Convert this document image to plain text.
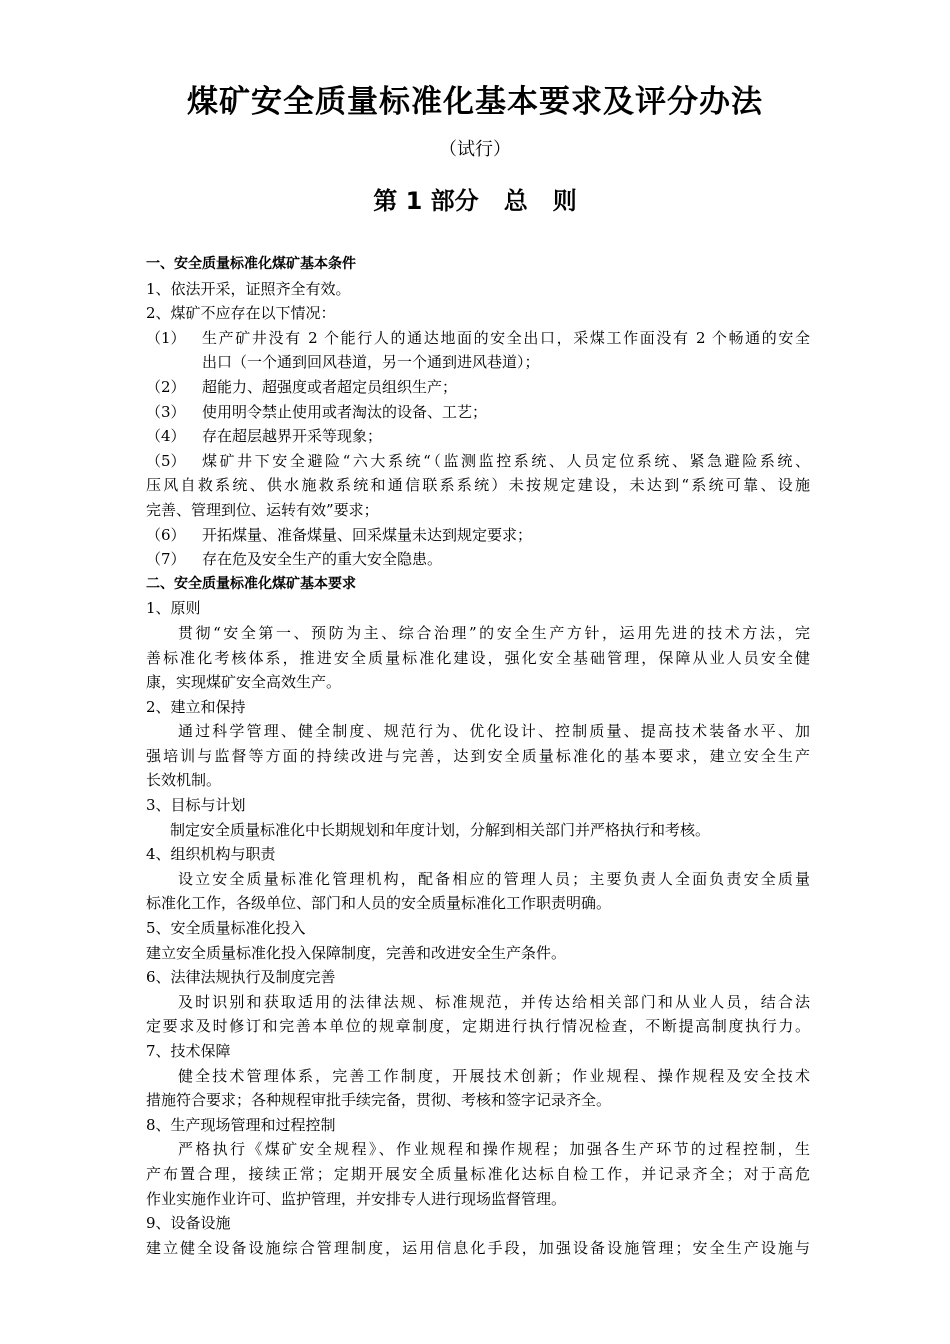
煤矿安全质量标准化基本要求及评分办法
（试行）
第 1 部分   总   则
一、安全质量标准化煤矿基本条件
1、依法开采，证照齐全有效。
2、煤矿不应存在以下情况：
（1）	生产矿井没有 2 个能行人的通达地面的安全出口，采煤工作面没有 2 个畅通的安全
出口（一个通到回风巷道，另一个通到进风巷道）；
（2）	超能力、超强度或者超定员组织生产；
（3）	使用明令禁止使用或者淘汰的设备、工艺；
（4）	存在超层越界开采等现象；
（5）	煤矿井下安全避险“六大系统“（监测监控系统、人员定位系统、紧急避险系统、
压风自救系统、供水施救系统和通信联系系统）未按规定建设，未达到“系统可靠、设施
完善、管理到位、运转有效”要求；
（6）	开拓煤量、准备煤量、回采煤量未达到规定要求；
（7）	存在危及安全生产的重大安全隐患。
二、安全质量标准化煤矿基本要求
1、原则
贯彻“安全第一、预防为主、综合治理”的安全生产方针，运用先进的技术方法，完
善标准化考核体系，推进安全质量标准化建设，强化安全基础管理，保障从业人员安全健
康，实现煤矿安全高效生产。
2、建立和保持
通过科学管理、健全制度、规范行为、优化设计、控制质量、提高技术装备水平、加
强培训与监督等方面的持续改进与完善，达到安全质量标准化的基本要求，建立安全生产
长效机制。
3、目标与计划
制定安全质量标准化中长期规划和年度计划，分解到相关部门并严格执行和考核。
4、组织机构与职责
设立安全质量标准化管理机构，配备相应的管理人员；主要负责人全面负责安全质量
标准化工作，各级单位、部门和人员的安全质量标准化工作职责明确。
5、安全质量标准化投入
建立安全质量标准化投入保障制度，完善和改进安全生产条件。
6、法律法规执行及制度完善
及时识别和获取适用的法律法规、标准规范，并传达给相关部门和从业人员，结合法
定要求及时修订和完善本单位的规章制度，定期进行执行情况检查，不断提高制度执行力。
7、技术保障
健全技术管理体系，完善工作制度，开展技术创新；作业规程、操作规程及安全技术
措施符合要求；各种规程审批手续完备，贯彻、考核和签字记录齐全。
8、生产现场管理和过程控制
严格执行《煤矿安全规程》、作业规程和操作规程；加强各生产环节的过程控制，生
产布置合理，接续正常；定期开展安全质量标准化达标自检工作，并记录齐全；对于高危
作业实施作业许可、监护管理，并安排专人进行现场监督管理。
9、设备设施
建立健全设备设施综合管理制度，运用信息化手段，加强设备设施管理；安全生产设施与
